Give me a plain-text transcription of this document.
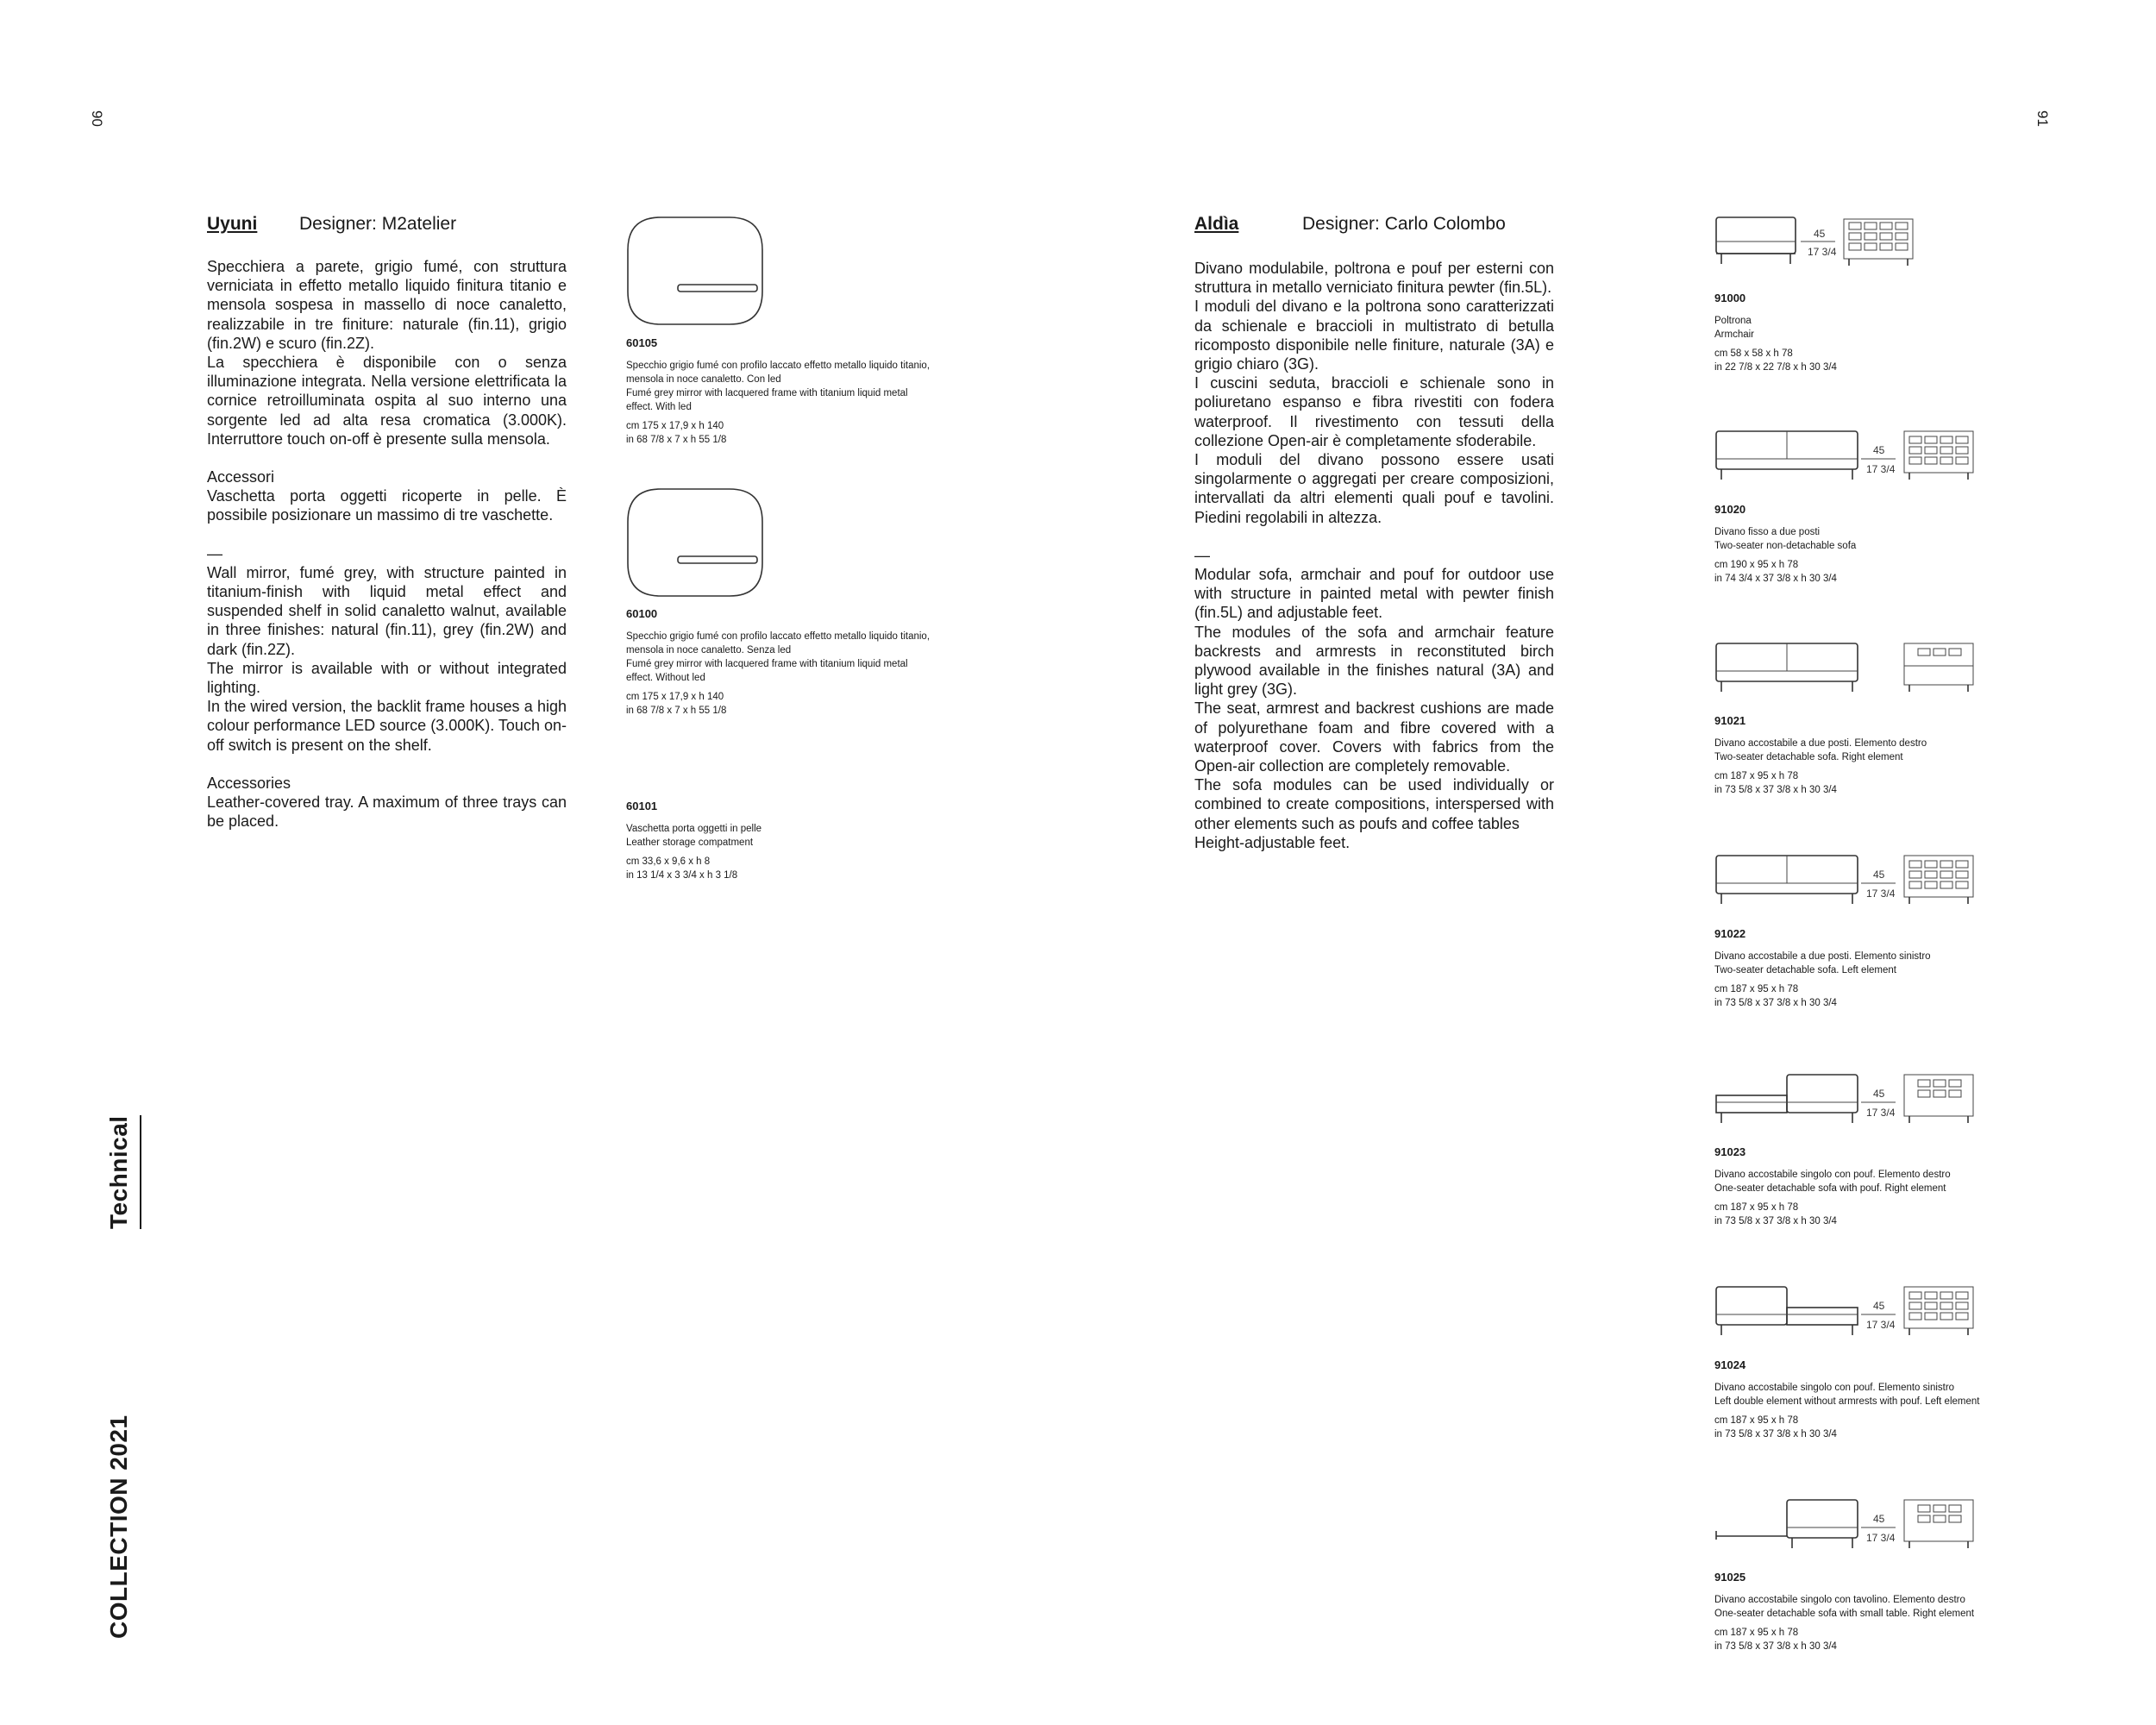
90	91
Technical
COLLECTION 2021
Uyuni Designer: M2atelier

Specchiera a parete, grigio fumé, con struttura verniciata in effetto metallo liquido finitura titanio e mensola sospesa in massello di noce canaletto, realizzabile in tre finiture: naturale (fin.11), grigio (fin.2W) e scuro (fin.2Z).

La specchiera è disponibile con o senza illuminazione integrata. Nella versione elettrificata la cornice retroilluminata ospita al suo interno una sorgente led ad alta resa cromatica (3.000K). Interruttore touch on-off è presente sulla mensola.

Accessori

Vaschetta porta oggetti ricoperte in pelle. È possibile posizionare un massimo di tre vaschette.

—

Wall mirror, fumé grey, with structure painted in titanium-finish with liquid metal effect and suspended shelf in solid canaletto walnut, available in three finishes: natural (fin.11), grey (fin.2W) and dark (fin.2Z).

The mirror is available with or without integrated lighting.

In the wired version, the backlit frame houses a high colour performance LED source (3.000K). Touch on-off switch is present on the shelf.

Accessories

Leather-covered tray. A maximum of three trays can be placed.

60105
Specchio grigio fumé con profilo laccato effetto metallo liquido titanio, mensola in noce canaletto. Con led
Fumé grey mirror with lacquered frame with titanium liquid metal effect. With led
cm 175 x 17,9 x h 140
in 68 7/8 x 7 x h 55 1/8
60100
Specchio grigio fumé con profilo laccato effetto metallo liquido titanio, mensola in noce canaletto. Senza led
Fumé grey mirror with lacquered frame with titanium liquid metal effect. Without led
cm 175 x 17,9 x h 140
in 68 7/8 x 7 x h 55 1/8
60101
Vaschetta porta oggetti in pelle
Leather storage compatment
cm 33,6 x 9,6 x h 8
in 13 1/4 x 3 3/4 x h 3 1/8
Aldìa	Designer: Carlo Colombo

Divano modulabile, poltrona e pouf per esterni con struttura in metallo verniciato finitura pewter (fin.5L).

I moduli del divano e la poltrona sono caratterizzati da schienale e braccioli in multistrato di betulla ricomposto disponibile nelle finiture, naturale (3A) e grigio chiaro (3G).

I cuscini seduta, braccioli e schienale sono in poliuretano espanso e fibra rivestiti con fodera waterproof. Il rivestimento con tessuti della collezione Open-air è completamente sfoderabile.

I moduli del divano possono essere usati singolarmente o aggregati per creare composizioni, intervallati da altri elementi quali pouf e tavolini. Piedini regolabili in altezza.

—

Modular sofa, armchair and pouf for outdoor use with structure in painted metal with pewter finish (fin.5L) and adjustable feet.

The modules of the sofa and armchair feature backrests and armrests in reconstituted birch plywood available in the finishes natural (3A) and light grey (3G).

The seat, armrest and backrest cushions are made of polyurethane foam and fibre covered with a waterproof cover. Covers with fabrics from the Open-air collection are completely removable.

The sofa modules can be used individually or combined to create compositions, interspersed with other elements such as poufs and coffee tables

Height-adjustable feet.

45
17 3/4
91000
Poltrona
Armchair
cm 58 x 58 x h 78
in 22 7/8 x 22 7/8 x h 30 3/4
45
17 3/4
91020
Divano fisso a due posti
Two-seater non-detachable sofa
cm 190 x 95 x h 78
in 74 3/4 x 37 3/8 x h 30 3/4
91021
Divano accostabile a due posti. Elemento destro
Two-seater detachable sofa. Right element
cm 187 x 95 x h 78
in 73 5/8 x 37 3/8 x h 30 3/4
45
17 3/4
91022
Divano accostabile a due posti. Elemento sinistro
Two-seater detachable sofa. Left element
cm 187 x 95 x h 78
in 73 5/8 x 37 3/8 x h 30 3/4
45
17 3/4
91023
Divano accostabile singolo con pouf. Elemento destro
One-seater detachable sofa with pouf. Right element
cm 187 x 95 x h 78
in 73 5/8 x 37 3/8 x h 30 3/4
45
17 3/4
91024
Divano accostabile singolo con pouf. Elemento sinistro
Left double element without armrests with pouf. Left element
cm 187 x 95 x h 78
in 73 5/8 x 37 3/8 x h 30 3/4
45
17 3/4
91025
Divano accostabile singolo con tavolino. Elemento destro
One-seater detachable sofa with small table. Right element
cm 187 x 95 x h 78
in 73 5/8 x 37 3/8 x h 30 3/4
